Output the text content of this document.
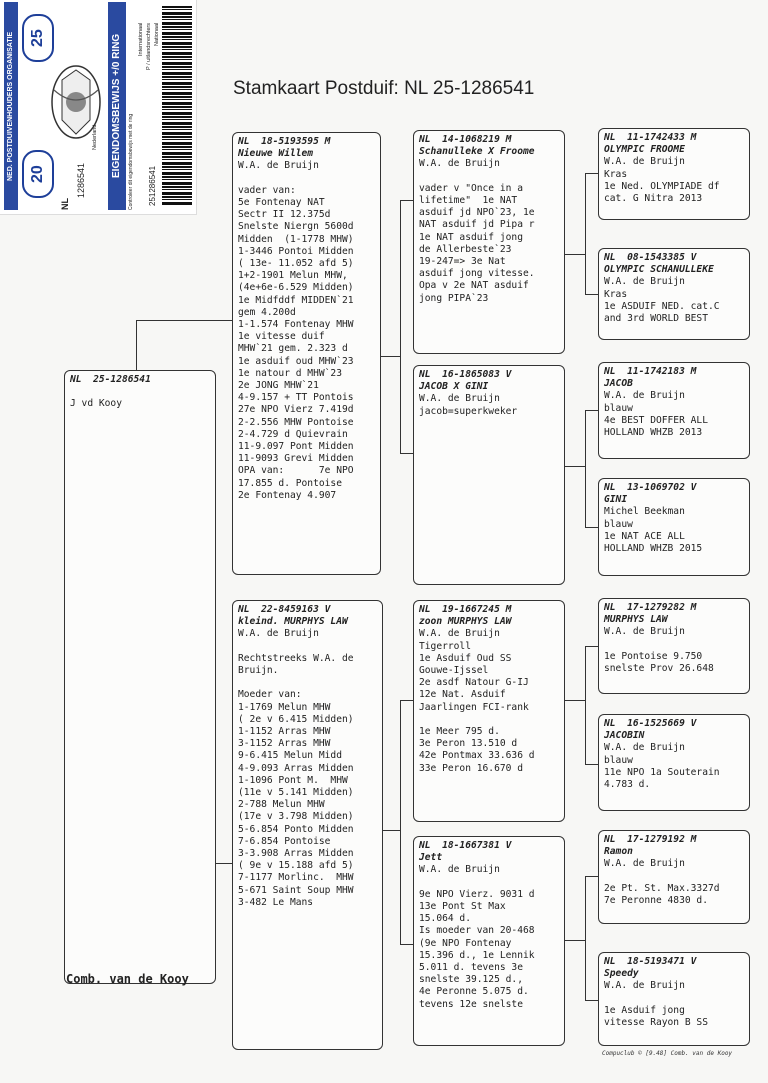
NED. POSTDUIVENHOUDERS ORGANISATIE 25
20	EIGENDOMSBEWIJS +/0 RING
1286541
NL
Nederland	Controleer dit eigendomsbewijs met de ring
Internationaal P / uitlandsrechters Nationaal
251286541
Stamkaart Postduif: NL 25-1286541
NL  25-1286541
J vd Kooy
NL  18-5193595 M
Nieuwe Willem
W.A. de Bruijn

vader van:
5e Fontenay NAT
Sectr II 12.375d
Snelste Niergn 5600d
Midden  (1-1778 MHW)
1-3446 Pontoi Midden
( 13e- 11.052 afd 5)
1+2-1901 Melun MHW,
(4e+6e-6.529 Midden)
1e Midfddf MIDDEN`21
gem 4.200d
1-1.574 Fontenay MHW
1e vitesse duif
MHW`21 gem. 2.323 d
1e asduif oud MHW`23
1e natour d MHW`23
2e JONG MHW`21
4-9.157 + TT Pontois
27e NPO Vierz 7.419d
2-2.556 MHW Pontoise
2-4.729 d Quievrain
11-9.097 Pont Midden
11-9093 Grevi Midden
OPA van:      7e NPO
17.855 d. Pontoise
2e Fontenay 4.907
NL  22-8459163 V
kleind. MURPHYS LAW
W.A. de Bruijn

Rechtstreeks W.A. de
Bruijn.

Moeder van:
1-1769 Melun MHW
( 2e v 6.415 Midden)
1-1152 Arras MHW
3-1152 Arras MHW
9-6.415 Melun Midd
4-9.093 Arras Midden
1-1096 Pont M.  MHW
(11e v 5.141 Midden)
2-788 Melun MHW
(17e v 3.798 Midden)
5-6.854 Ponto Midden
7-6.854 Pontoise
3-3.908 Arras Midden
( 9e v 15.188 afd 5)
7-1177 Morlinc.  MHW
5-671 Saint Soup MHW
3-482 Le Mans
NL  14-1068219 M
Schanulleke X Froome
W.A. de Bruijn

vader v "Once in a
lifetime"  1e NAT
asduif jd NPO`23, 1e
NAT asduif jd Pipa r
1e NAT asduif jong
de Allerbeste`23
19-247=> 3e Nat
asduif jong vitesse.
Opa v 2e NAT asduif
jong PIPA`23
NL  16-1865083 V
JACOB X GINI
W.A. de Bruijn
jacob=superkweker
NL  19-1667245 M
zoon MURPHYS LAW
W.A. de Bruijn
Tigerroll
1e Asduif Oud SS
Gouwe-Ijssel
2e asdf Natour G-IJ
12e Nat. Asduif
Jaarlingen FCI-rank

1e Meer 795 d.
3e Peron 13.510 d
42e Pontmax 33.636 d
33e Peron 16.670 d
NL  18-1667381 V
Jett
W.A. de Bruijn

9e NPO Vierz. 9031 d
13e Pont St Max
15.064 d.
Is moeder van 20-468
(9e NPO Fontenay
15.396 d., 1e Lennik
5.011 d. tevens 3e
snelste 39.125 d.,
4e Peronne 5.075 d.
tevens 12e snelste
NL  11-1742433 M
OLYMPIC FROOME
W.A. de Bruijn
Kras
1e Ned. OLYMPIADE df
cat. G Nitra 2013
NL  08-1543385 V
OLYMPIC SCHANULLEKE
W.A. de Bruijn
Kras
1e ASDUIF NED. cat.C
and 3rd WORLD BEST
NL  11-1742183 M
JACOB
W.A. de Bruijn
blauw
4e BEST DOFFER ALL
HOLLAND WHZB 2013
NL  13-1069702 V
GINI
Michel Beekman
blauw
1e NAT ACE ALL
HOLLAND WHZB 2015
NL  17-1279282 M
MURPHYS LAW
W.A. de Bruijn

1e Pontoise 9.750
snelste Prov 26.648
NL  16-1525669 V
JACOBIN
W.A. de Bruijn
blauw
11e NPO 1a Souterain
4.783 d.
NL  17-1279192 M
Ramon
W.A. de Bruijn

2e Pt. St. Max.3327d
7e Peronne 4830 d.
NL  18-5193471 V
Speedy
W.A. de Bruijn

1e Asduif jong
vitesse Rayon B SS
Comb. van de Kooy
Compuclub © [9.48] Comb. van de Kooy
